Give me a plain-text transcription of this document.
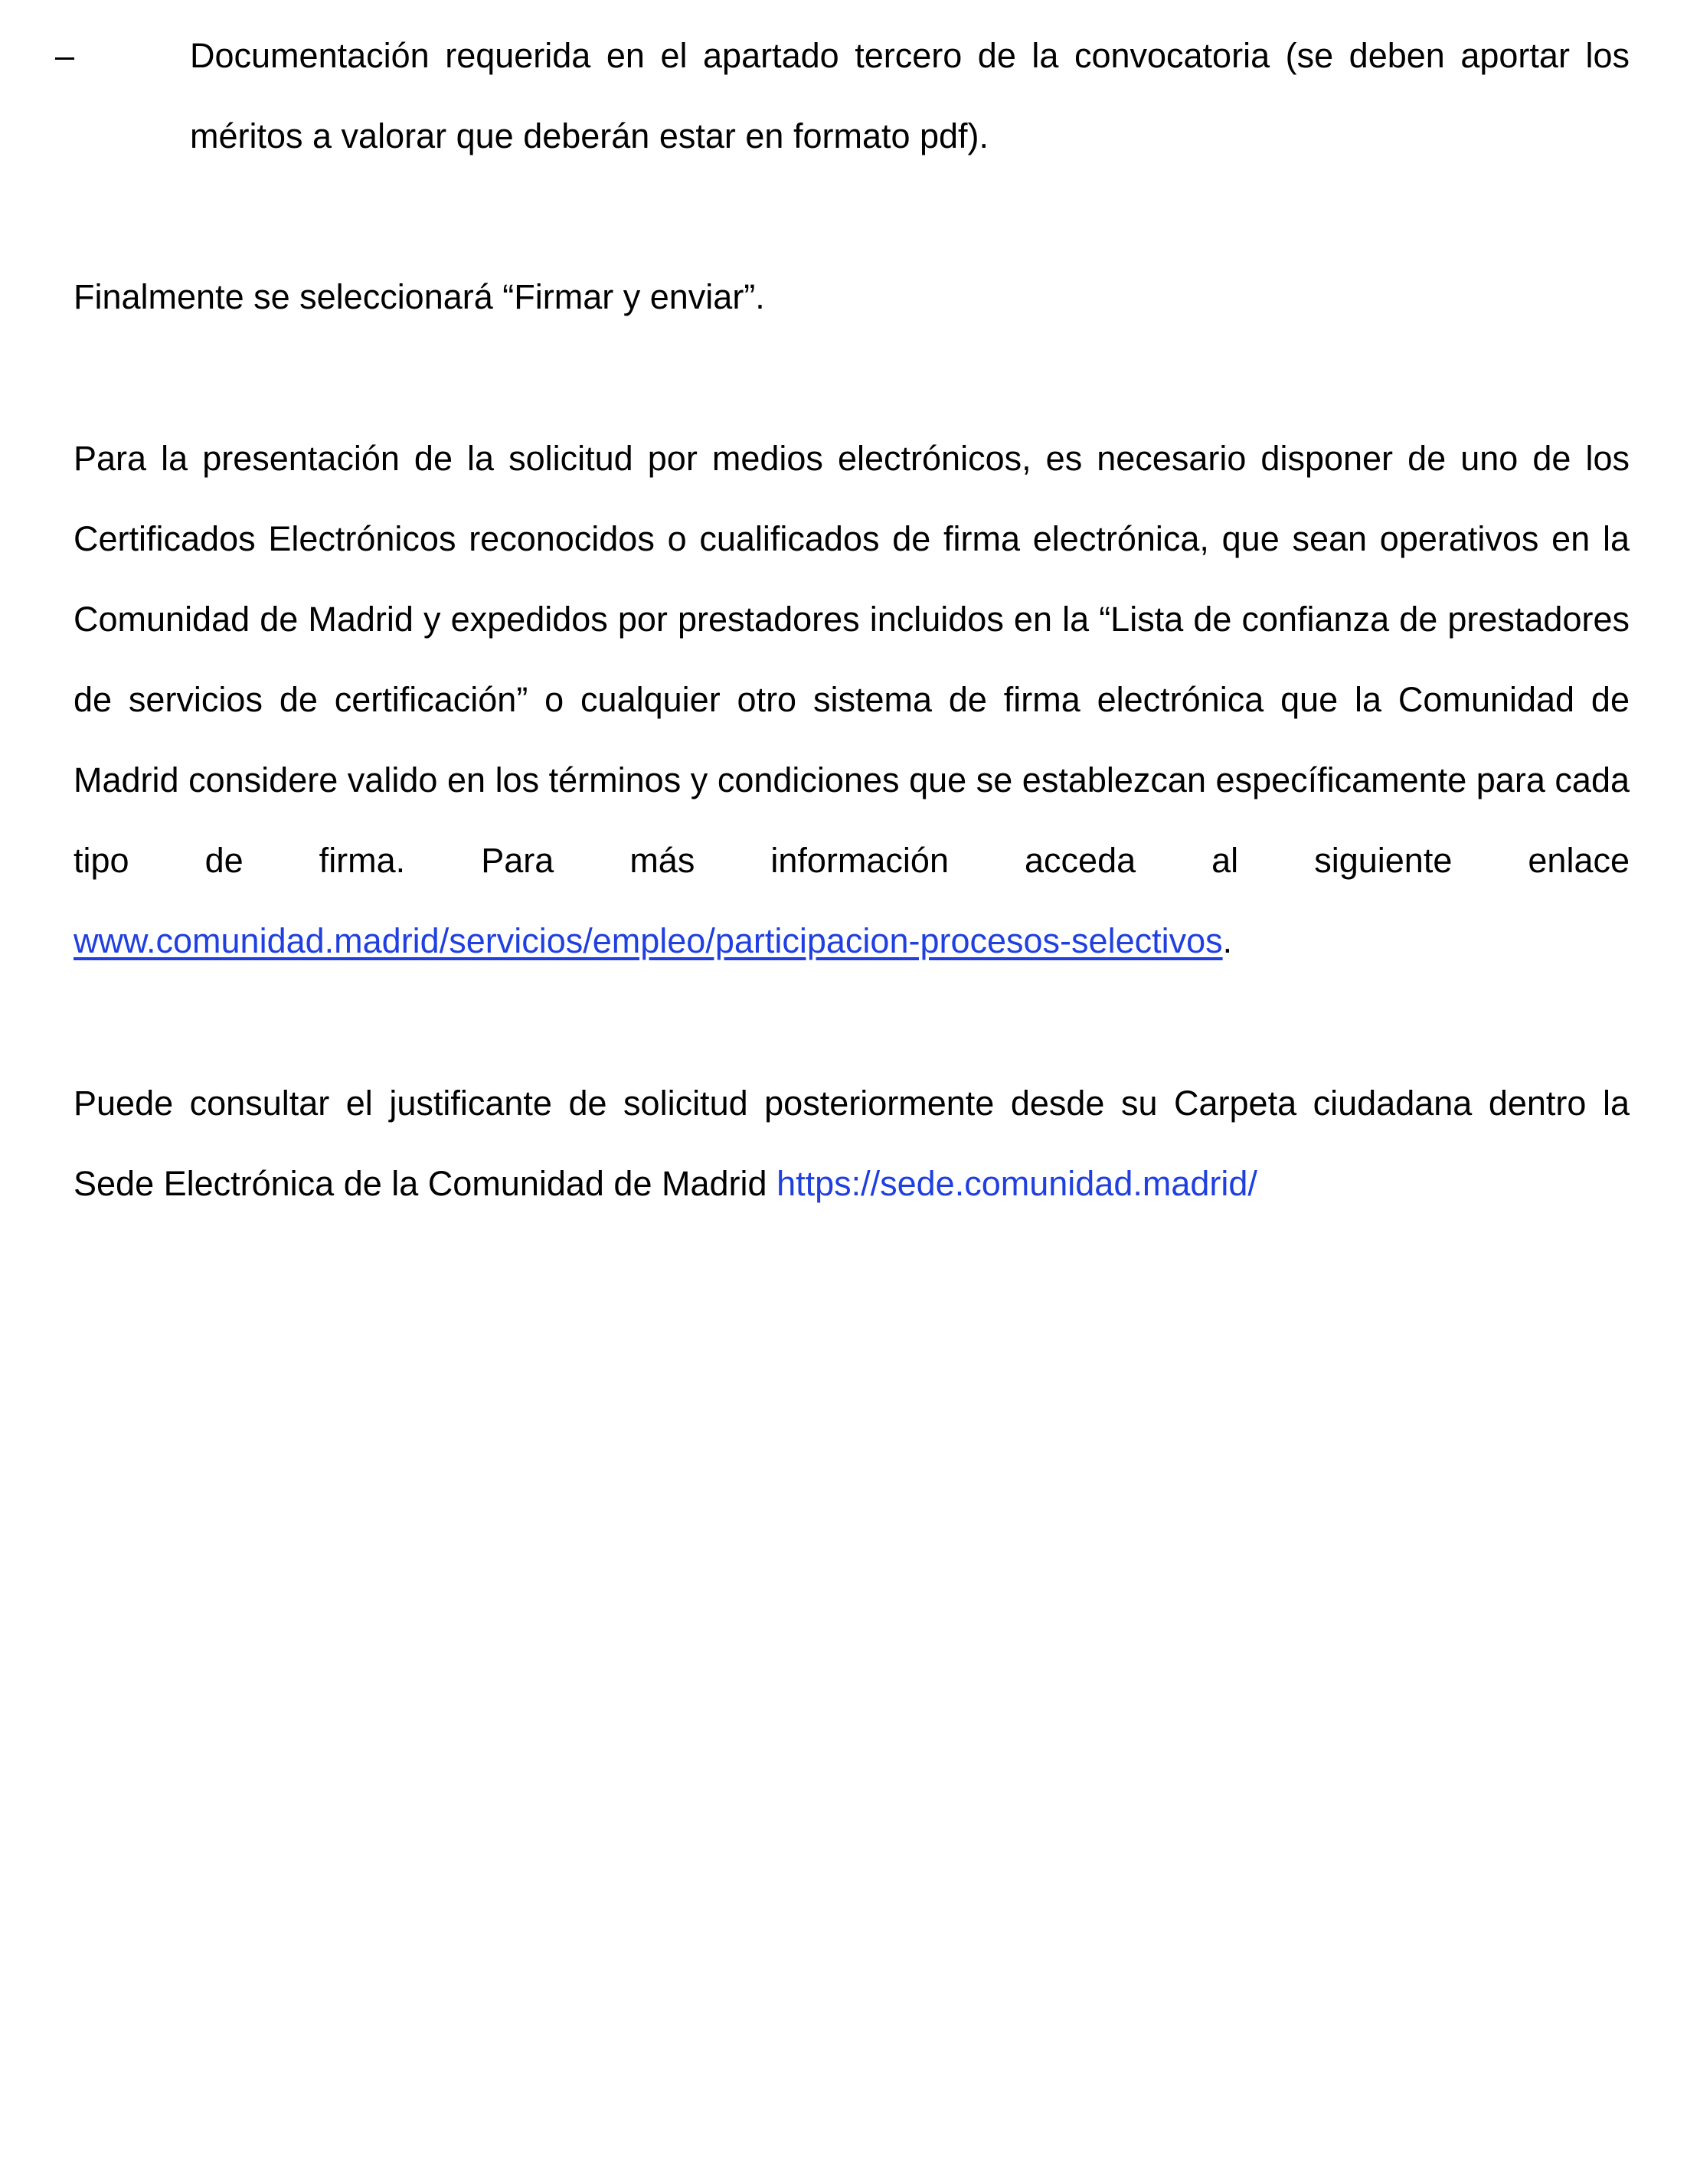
–	Documentación requerida en el apartado tercero de la convocatoria (se deben aportar los méritos a valorar que deberán estar en formato pdf).
Finalmente se seleccionará “Firmar y enviar”.
Para la presentación de la solicitud por medios electrónicos, es necesario disponer de uno de los Certificados Electrónicos reconocidos o cualificados de firma electrónica, que sean operativos en la Comunidad de Madrid y expedidos por prestadores incluidos en la “Lista de confianza de prestadores de servicios de certificación” o cualquier otro sistema de firma electrónica que la Comunidad de Madrid considere valido en los términos y condiciones que se establezcan específicamente para cada tipo de firma. Para más información acceda al siguiente enlace www.comunidad.madrid/servicios/empleo/participacion-procesos-selectivos.
Puede consultar el justificante de solicitud posteriormente desde su Carpeta ciudadana dentro la Sede Electrónica de la Comunidad de Madrid https://sede.comunidad.madrid/
